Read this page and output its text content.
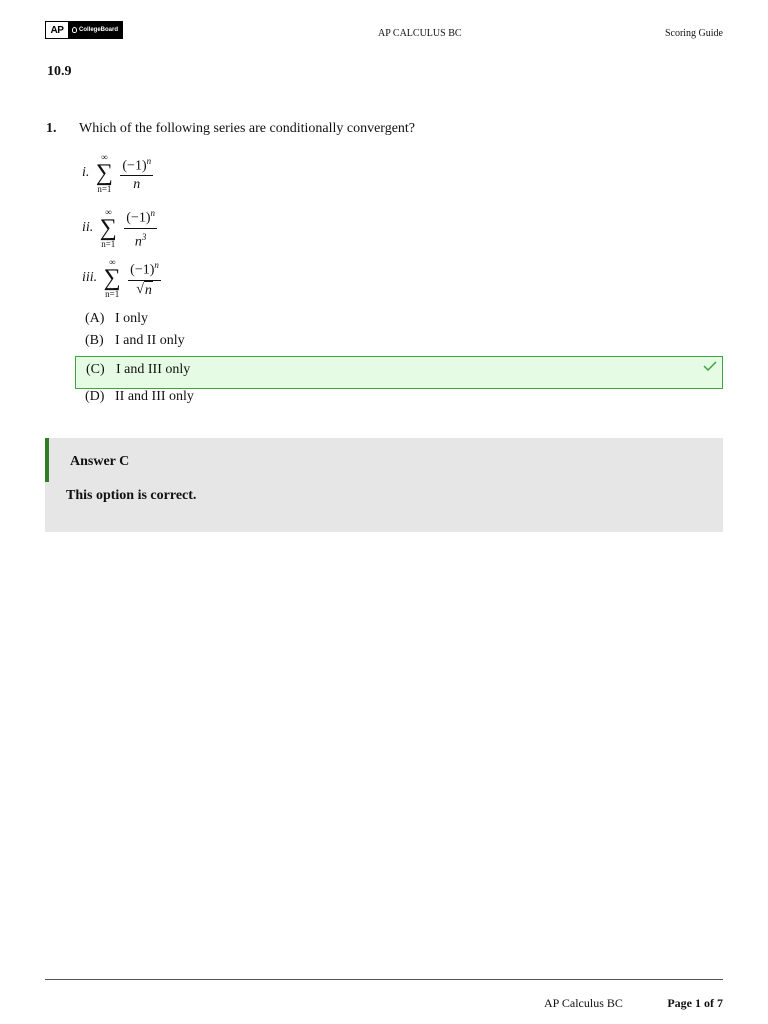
AP	CollegeBoard	AP CALCULUS BC	Scoring Guide
10.9
1. Which of the following series are conditionally convergent?
i.
∞
∑
$n=1 \frac{(-1)^n}{n}$
ii.
∞
∑
$n=1 \frac{(-1)^n}{n^3}$
iii.
∞
∑
$n=1 \frac{(-1)^n}{√ n}$
(A) I only
(B) I and II only
(C) I and III only
(D) II and III only
Answer C
This option is correct.
AP Calculus BC	Page 1 of 7
